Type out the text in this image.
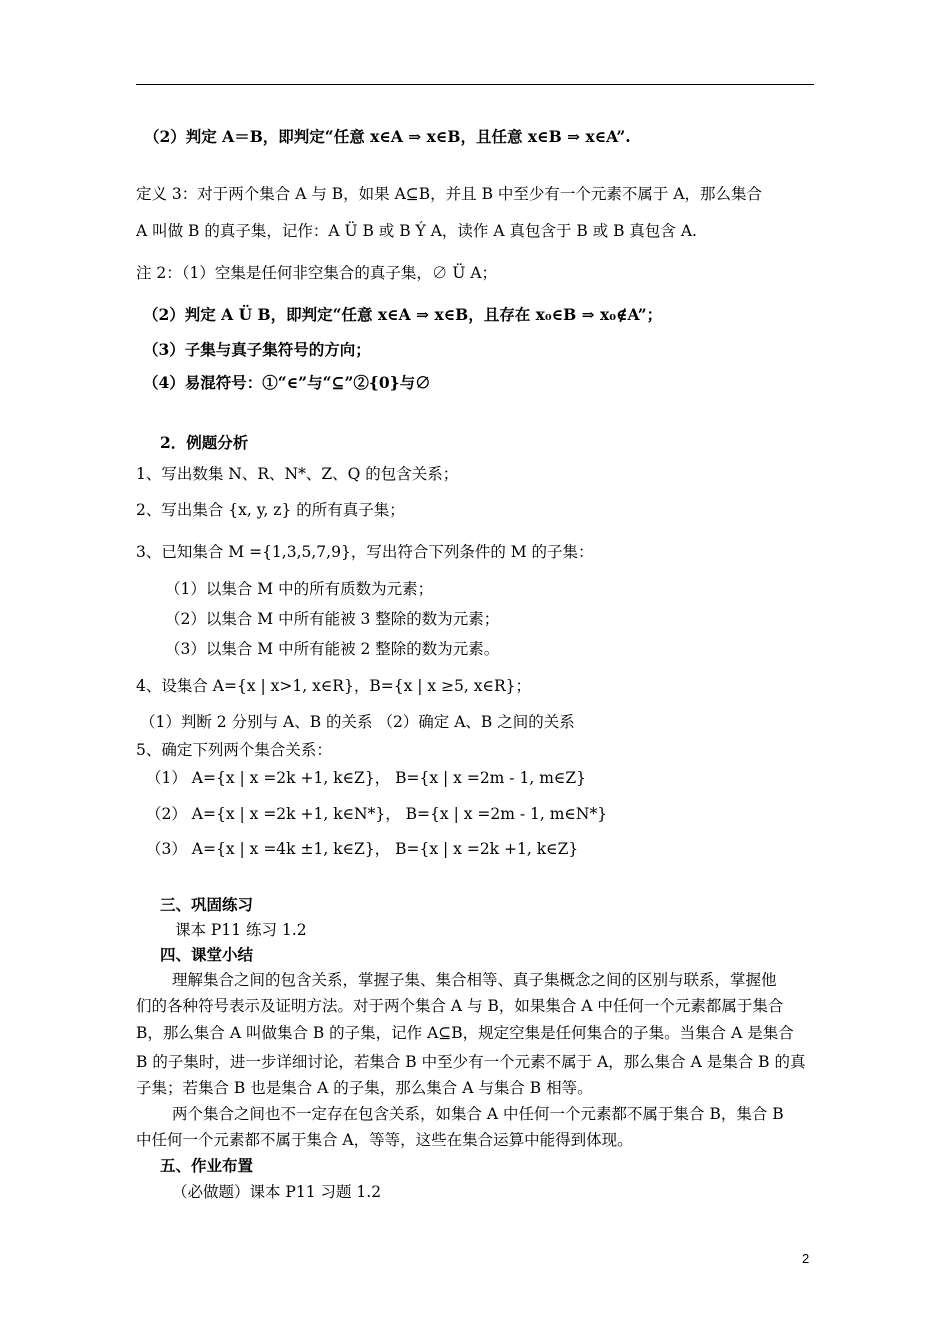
（2）判定 A＝B，即判定“任意 x∈A ⇒ x∈B，且任意 x∈B ⇒ x∈A”.
定义 3：对于两个集合 A 与 B，如果 A⊆B，并且 B 中至少有一个元素不属于 A，那么集合
A 叫做 B 的真子集，记作：A Ü B 或 B Ý A，读作 A 真包含于 B 或 B 真包含 A.
注 2：（1）空集是任何非空集合的真子集，∅ Ü A；
（2）判定 A Ü B，即判定“任意 x∈A ⇒ x∈B，且存在 x₀∈B ⇒ x₀∉A”；
（3）子集与真子集符号的方向；
（4）易混符号：①“∈”与“⊆”②{0}与∅
2．例题分析
1、写出数集 N、R、N*、Z、Q 的包含关系；
2、写出集合 {x, y, z} 的所有真子集；
3、已知集合 M ={1,3,5,7,9}，写出符合下列条件的 M 的子集：
（1）以集合 M 中的所有质数为元素；
（2）以集合 M 中所有能被 3 整除的数为元素；
（3）以集合 M 中所有能被 2 整除的数为元素。
4、设集合 A={x | x>1, x∈R}，B={x | x ≥5, x∈R}；
（1）判断 2 分别与 A、B 的关系 （2）确定 A、B 之间的关系
5、确定下列两个集合关系：
（1） A={x | x =2k +1, k∈Z}， B={x | x =2m - 1, m∈Z}
（2） A={x | x =2k +1, k∈N*}， B={x | x =2m - 1, m∈N*}
（3） A={x | x =4k ±1, k∈Z}， B={x | x =2k +1, k∈Z}
三、巩固练习
课本 P11 练习 1.2
四、课堂小结
理解集合之间的包含关系，掌握子集、集合相等、真子集概念之间的区别与联系，掌握他
们的各种符号表示及证明方法。对于两个集合 A 与 B，如果集合 A 中任何一个元素都属于集合
B，那么集合 A 叫做集合 B 的子集，记作 A⊆B，规定空集是任何集合的子集。当集合 A 是集合
B 的子集时，进一步详细讨论，若集合 B 中至少有一个元素不属于 A，那么集合 A 是集合 B 的真
子集；若集合 B 也是集合 A 的子集，那么集合 A 与集合 B 相等。
两个集合之间也不一定存在包含关系，如集合 A 中任何一个元素都不属于集合 B，集合 B
中任何一个元素都不属于集合 A，等等，这些在集合运算中能得到体现。
五、作业布置
（必做题）课本 P11 习题 1.2
2
